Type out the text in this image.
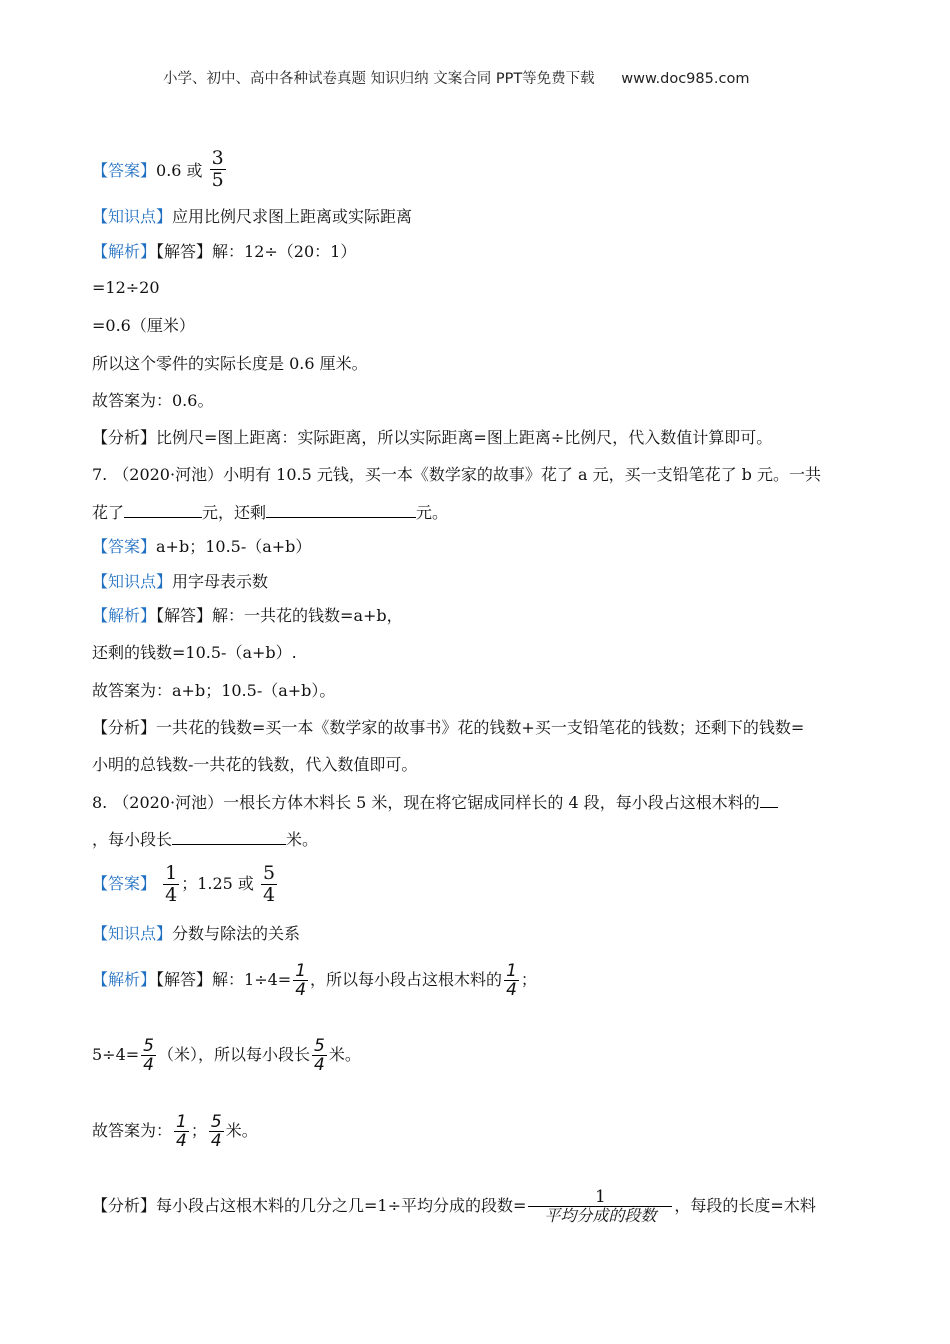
小学、初中、高中各种试卷真题 知识归纳 文案合同 PPT等免费下载 www.doc985.com
【答案】0.6 或 $\frac{3}{5}$
【知识点】应用比例尺求图上距离或实际距离
【解析】【解答】解：12÷（20：1）
=12÷20
=0.6（厘米）
所以这个零件的实际长度是 0.6 厘米。
故答案为：0.6。
【分析】比例尺=图上距离：实际距离，所以实际距离=图上距离÷比例尺，代入数值计算即可。
7. （2020·河池）小明有 10.5 元钱，买一本《数学家的故事》花了 a 元，买一支铅笔花了 b 元。一共
花了	元，还剩	元。
【答案】a+b；10.5-（a+b）
【知识点】用字母表示数
【解析】【解答】解：一共花的钱数=a+b，
还剩的钱数=10.5-（a+b）.
故答案为：a+b；10.5-（a+b）。
【分析】一共花的钱数=买一本《数学家的故事书》花的钱数+买一支铅笔花的钱数；还剩下的钱数=
小明的总钱数-一共花的钱数，代入数值即可。
8. （2020·河池）一根长方体木料长 5 米，现在将它锯成同样长的 4 段，每小段占这根木料的
，每小段长	米。
【答案】 $\frac{1}{4}$ ；1.25 或 $\frac{5}{4}$
【知识点】分数与除法的关系
【解析】【解答】解：$1\div 4= \frac{1}{4}$ ，所以每小段占这根木料的 $\frac{1}{4}$ ；
$5\div 4= \frac{5}{4}$ （米），所以每小段长 $\frac{5}{4}$ 米。
故答案为： $\frac{1}{4}$ ； $\frac{5}{4}$ 米。
【分析】每小段占这根木料的几分之几=1÷平均分成的段数= $\frac{1}{\text{平均分成的段数}}$ ，每段的长度=木料
